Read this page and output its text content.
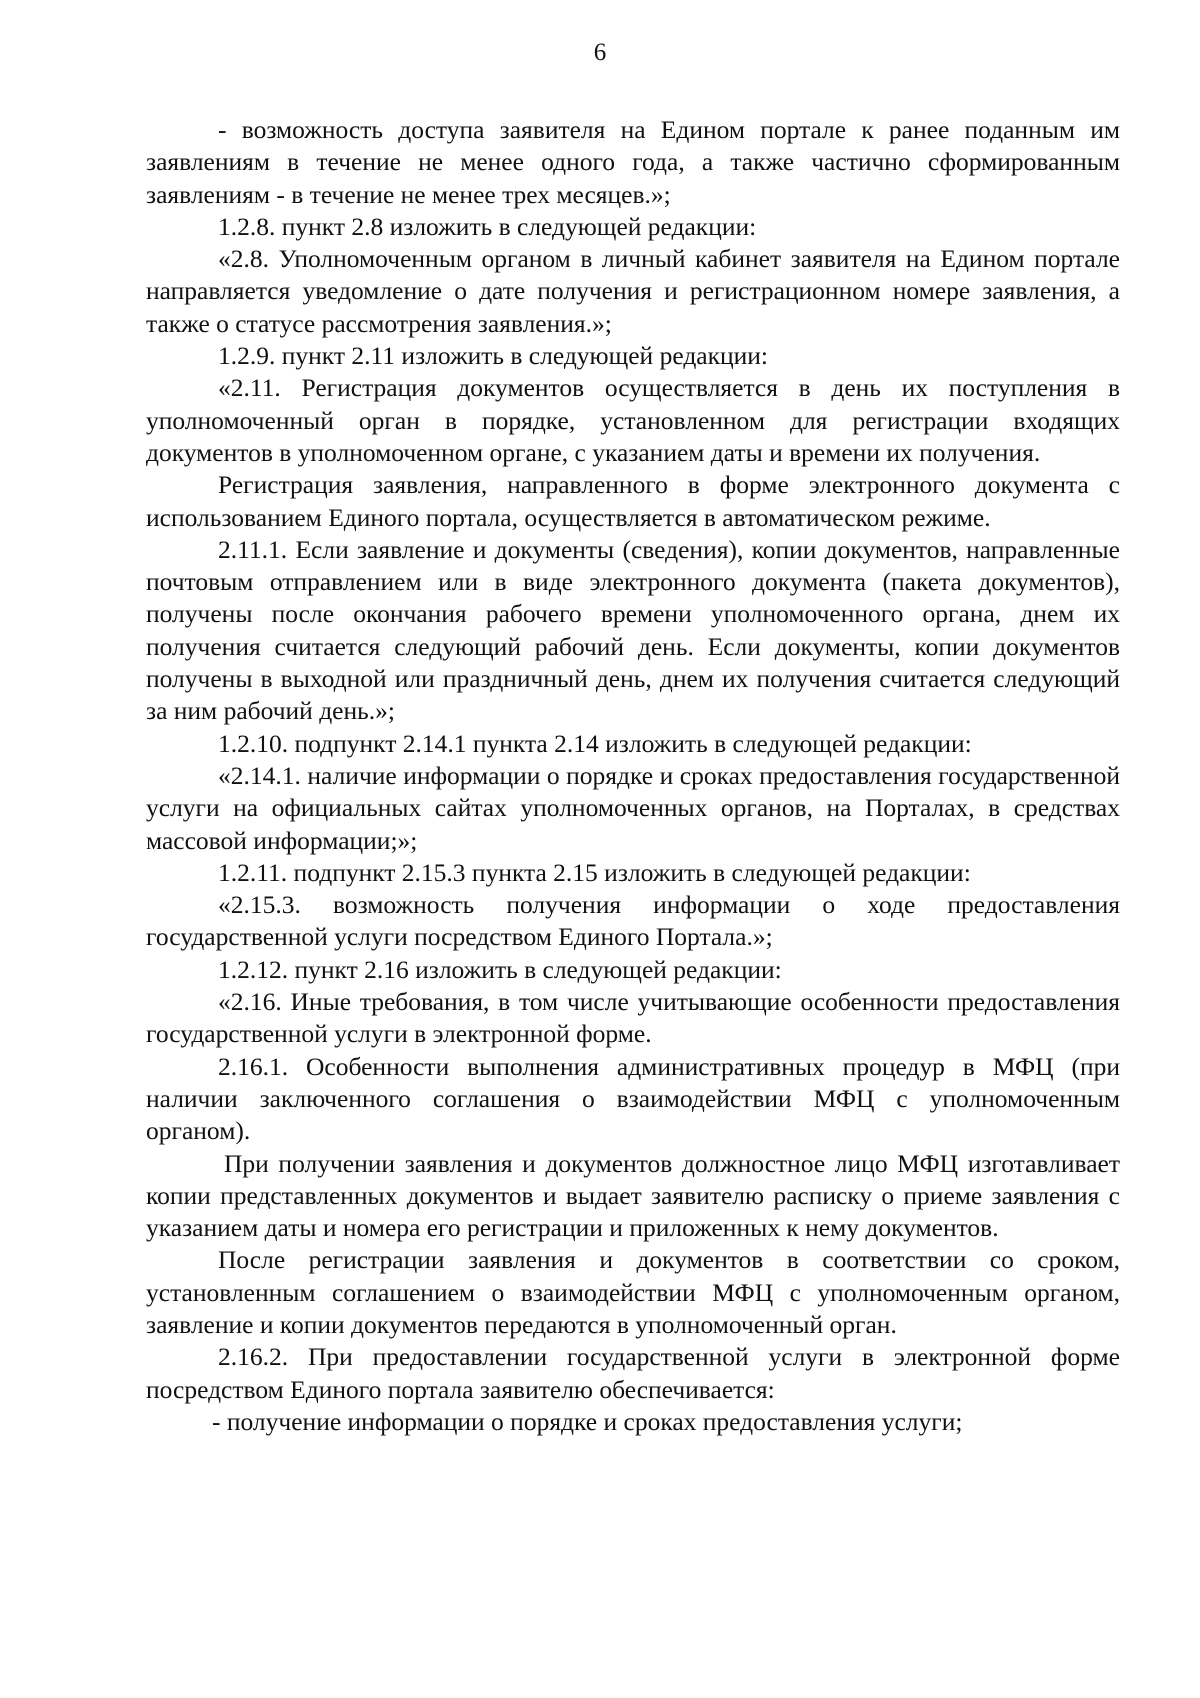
6

- возможность доступа заявителя на Едином портале к ранее поданным им заявлениям в течение не менее одного года, а также частично сформированным заявлениям - в течение не менее трех месяцев.»;

1.2.8. пункт 2.8 изложить в следующей редакции:

«2.8. Уполномоченным органом в личный кабинет заявителя на Едином портале направляется уведомление о дате получения и регистрационном номере заявления, а также о статусе рассмотрения заявления.»;

1.2.9. пункт 2.11 изложить в следующей редакции:

«2.11. Регистрация документов осуществляется в день их поступления в уполномоченный орган в порядке, установленном для регистрации входящих документов в уполномоченном органе, с указанием даты и времени их получения.

Регистрация заявления, направленного в форме электронного документа с использованием Единого портала, осуществляется в автоматическом режиме.

2.11.1. Если заявление и документы (сведения), копии документов, направленные почтовым отправлением или в виде электронного документа (пакета документов), получены после окончания рабочего времени уполномоченного органа, днем их получения считается следующий рабочий день. Если документы, копии документов получены в выходной или праздничный день, днем их получения считается следующий за ним рабочий день.»;

1.2.10. подпункт 2.14.1 пункта 2.14 изложить в следующей редакции:

«2.14.1. наличие информации о порядке и сроках предоставления государственной услуги на официальных сайтах уполномоченных органов, на Порталах, в средствах массовой информации;»;

1.2.11. подпункт 2.15.3 пункта 2.15 изложить в следующей редакции:

«2.15.3. возможность получения информации о ходе предоставления государственной услуги посредством Единого Портала.»;

1.2.12. пункт 2.16 изложить в следующей редакции:

«2.16. Иные требования, в том числе учитывающие особенности предоставления государственной услуги в электронной форме.

2.16.1. Особенности выполнения административных процедур в МФЦ (при наличии заключенного соглашения о взаимодействии МФЦ с уполномоченным органом).

При получении заявления и документов должностное лицо МФЦ изготавливает копии представленных документов и выдает заявителю расписку о приеме заявления с указанием даты и номера его регистрации и приложенных к нему документов.

После регистрации заявления и документов в соответствии со сроком, установленным соглашением о взаимодействии МФЦ с уполномоченным органом, заявление и копии документов передаются в уполномоченный орган.

2.16.2. При предоставлении государственной услуги в электронной форме посредством Единого портала заявителю обеспечивается:

- получение информации о порядке и сроках предоставления услуги;
